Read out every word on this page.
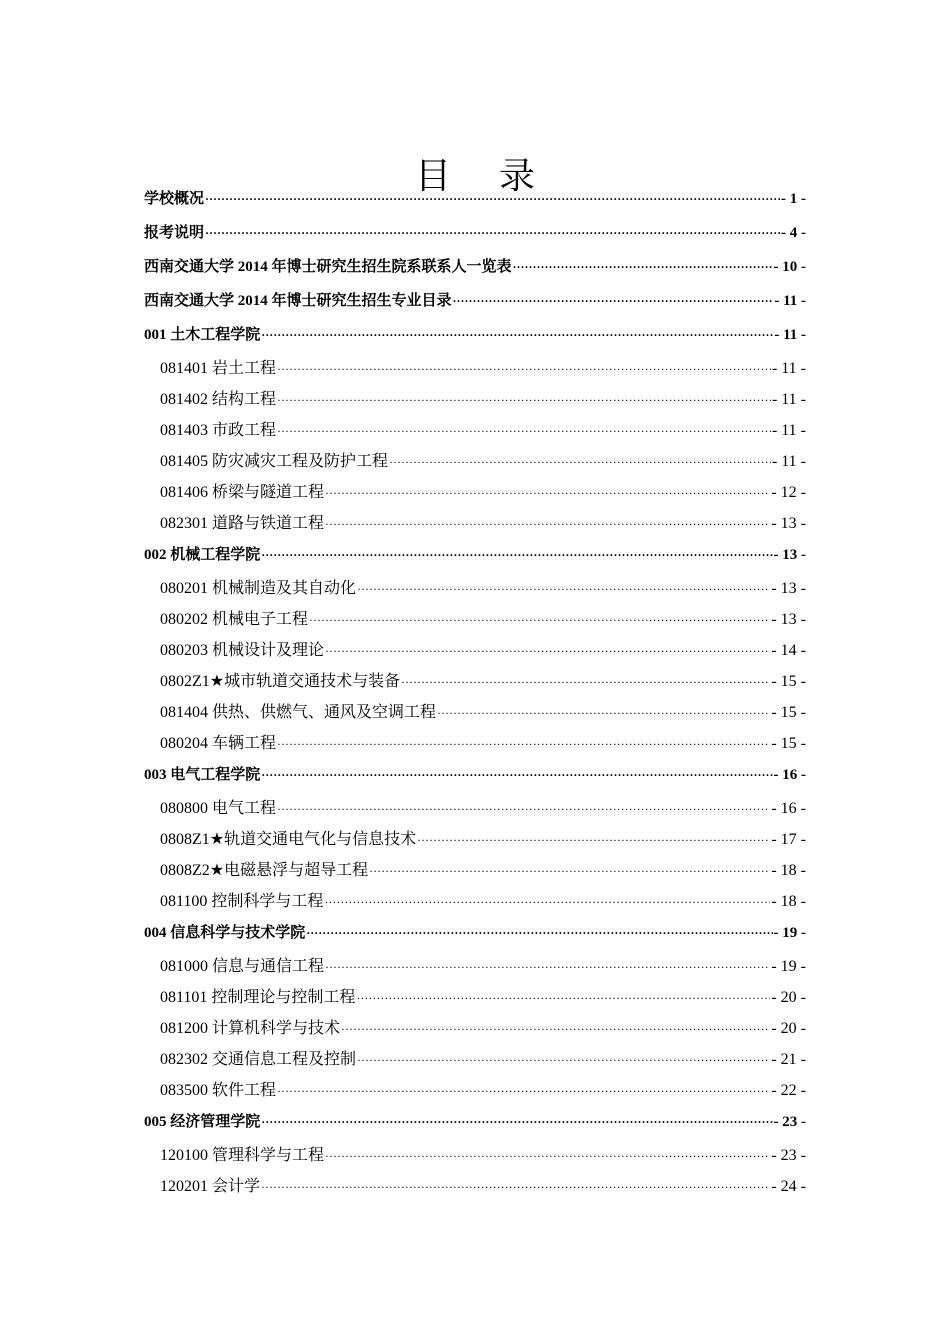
目录
学校概况 ·····	- 1 -
报考说明 ·····	- 4 -
西南交通大学 2014 年博士研究生招生院系联系人一览表 ·····	- 10 -
西南交通大学 2014 年博士研究生招生专业目录 ·····	- 11 -
001 土木工程学院 ·····	- 11 -
081401 岩土工程 ·····	- 11 -
081402 结构工程 ·····	- 11 -
081403 市政工程 ·····	- 11 -
081405 防灾减灾工程及防护工程 ·····	- 11 -
081406 桥梁与隧道工程 ·····	- 12 -
082301 道路与铁道工程 ·····	- 13 -
002 机械工程学院 ·····	- 13 -
080201 机械制造及其自动化 ·····	- 13 -
080202 机械电子工程 ·····	- 13 -
080203 机械设计及理论 ·····	- 14 -
0802Z1★城市轨道交通技术与装备 ·····	- 15 -
081404 供热、供燃气、通风及空调工程 ·····	- 15 -
080204 车辆工程 ·····	- 15 -
003 电气工程学院 ·····	- 16 -
080800 电气工程 ·····	- 16 -
0808Z1★轨道交通电气化与信息技术 ·····	- 17 -
0808Z2★电磁悬浮与超导工程 ·····	- 18 -
081100 控制科学与工程 ·····	- 18 -
004 信息科学与技术学院 ·····	- 19 -
081000 信息与通信工程 ·····	- 19 -
081101 控制理论与控制工程 ·····	- 20 -
081200 计算机科学与技术 ·····	- 20 -
082302 交通信息工程及控制 ·····	- 21 -
083500 软件工程 ·····	- 22 -
005 经济管理学院 ·····	- 23 -
120100 管理科学与工程 ·····	- 23 -
120201 会计学 ·····	- 24 -
